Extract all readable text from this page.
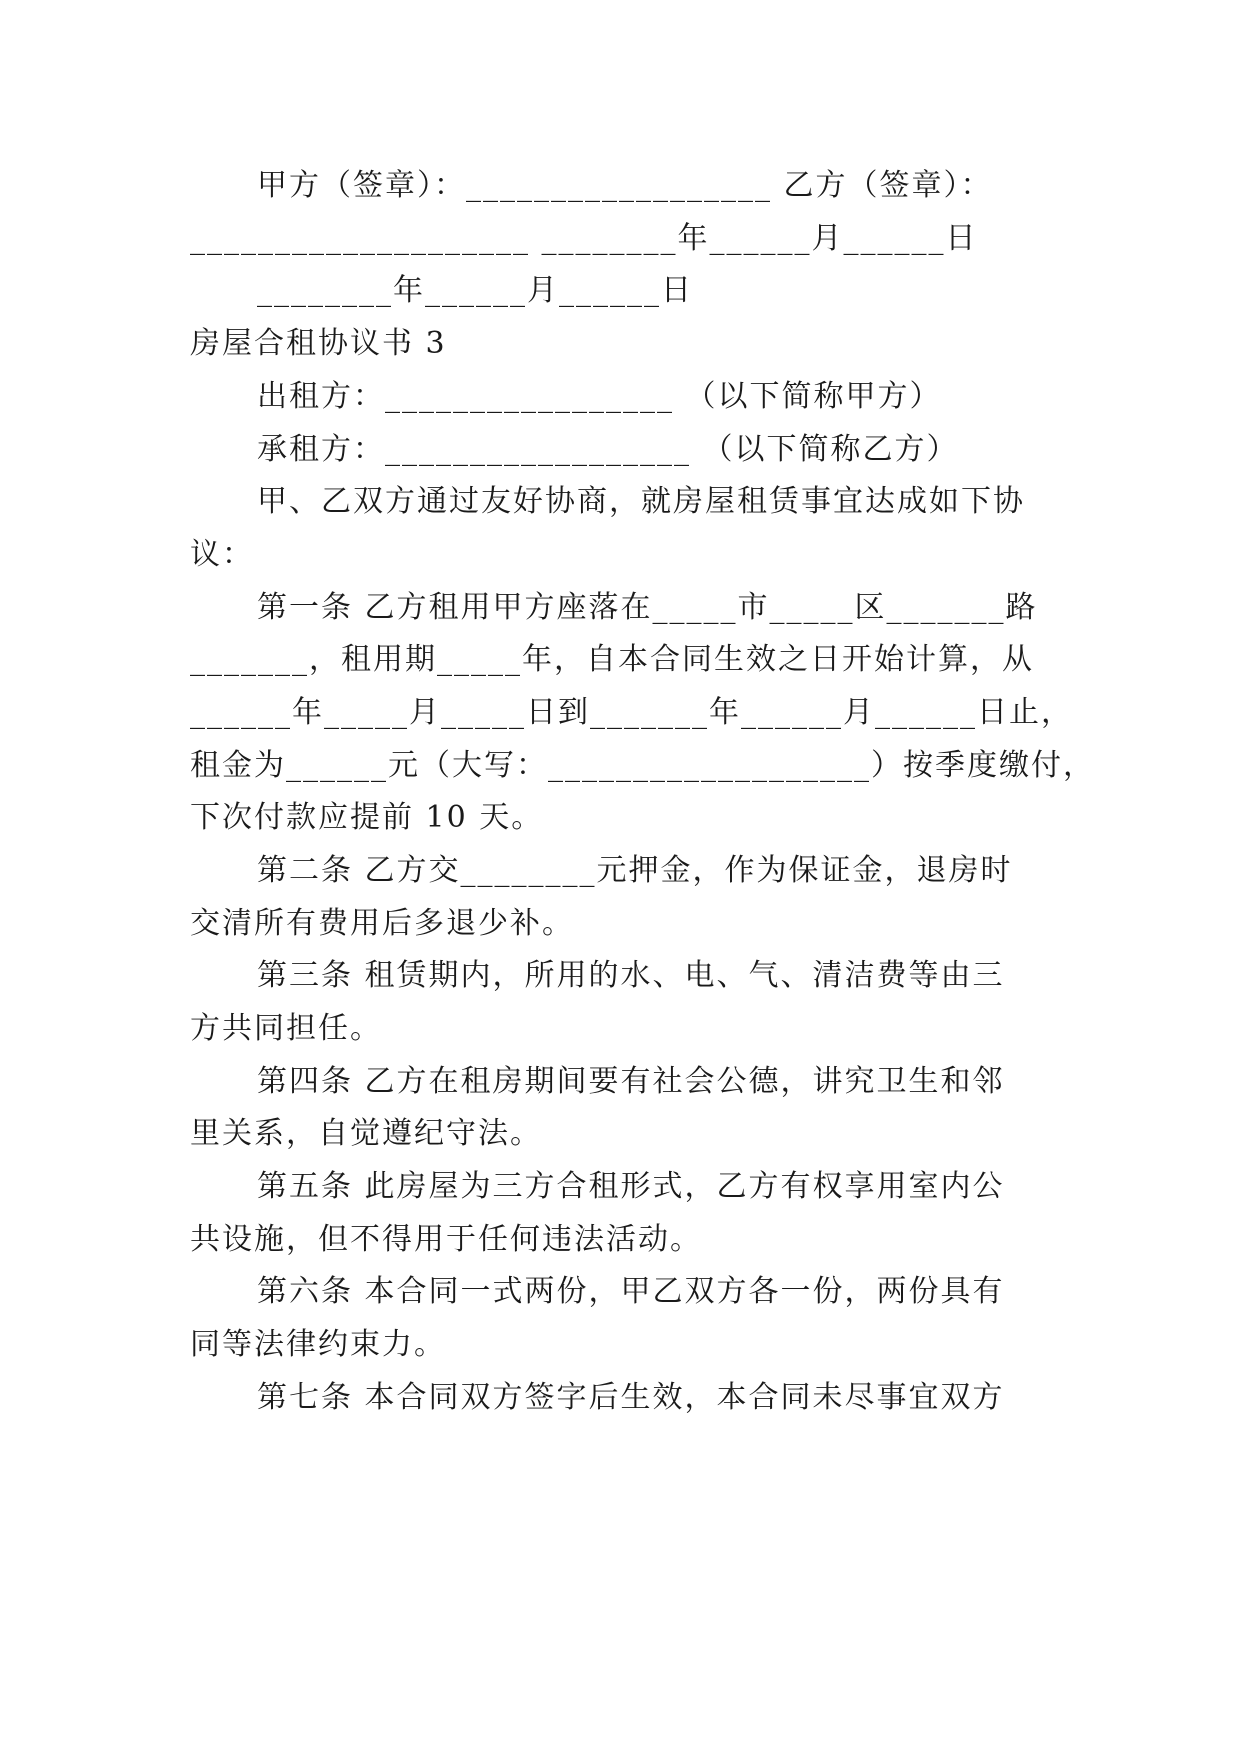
甲方（签章）：__________________ 乙方（签章）：
____________________ ________年______月______日
________年______月______日
房屋合租协议书 3
出租方：_________________ （以下简称甲方）
承租方：__________________ （以下简称乙方）
甲、乙双方通过友好协商，就房屋租赁事宜达成如下协
议：
第一条 乙方租用甲方座落在_____市_____区_______路
_______，租用期_____年，自本合同生效之日开始计算，从
______年_____月_____日到_______年______月______日止，
租金为______元（大写：___________________）按季度缴付，
下次付款应提前 10 天。
第二条 乙方交________元押金，作为保证金，退房时
交清所有费用后多退少补。
第三条 租赁期内，所用的水、电、气、清洁费等由三
方共同担任。
第四条 乙方在租房期间要有社会公德，讲究卫生和邻
里关系，自觉遵纪守法。
第五条 此房屋为三方合租形式，乙方有权享用室内公
共设施，但不得用于任何违法活动。
第六条 本合同一式两份，甲乙双方各一份，两份具有
同等法律约束力。
第七条 本合同双方签字后生效，本合同未尽事宜双方
